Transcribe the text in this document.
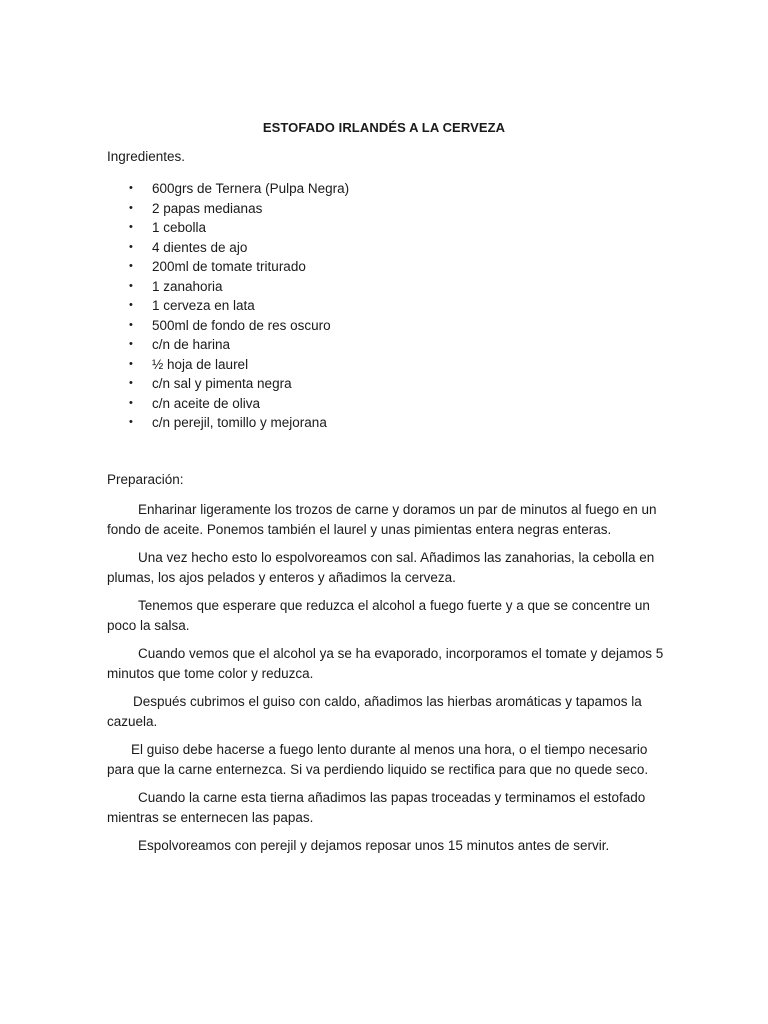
ESTOFADO IRLANDÉS A LA CERVEZA

Ingredientes.

• 600grs de Ternera (Pulpa Negra)
• 2 papas medianas
• 1 cebolla
• 4 dientes de ajo
• 200ml de tomate triturado
• 1 zanahoria
• 1 cerveza en lata
• 500ml de fondo de res oscuro
• c/n de harina
• ½ hoja de laurel
• c/n sal y pimenta negra
• c/n aceite de oliva
• c/n perejil, tomillo y mejorana

Preparación:

Enharinar ligeramente los trozos de carne y doramos un par de minutos al fuego en un fondo de aceite. Ponemos también el laurel y unas pimientas entera negras enteras.

Una vez hecho esto lo espolvoreamos con sal. Añadimos las zanahorias, la cebolla en plumas, los ajos pelados y enteros y añadimos la cerveza.

Tenemos que esperare que reduzca el alcohol a fuego fuerte y a que se concentre un poco la salsa.

Cuando vemos que el alcohol ya se ha evaporado, incorporamos el tomate y dejamos 5 minutos que tome color y reduzca.

Después cubrimos el guiso con caldo, añadimos las hierbas aromáticas y tapamos la cazuela.

El guiso debe hacerse a fuego lento durante al menos una hora, o el tiempo necesario para que la carne enternezca. Si va perdiendo liquido se rectifica para que no quede seco.

Cuando la carne esta tierna añadimos las papas troceadas y terminamos el estofado mientras se enternecen las papas.

Espolvoreamos con perejil y dejamos reposar unos 15 minutos antes de servir.
